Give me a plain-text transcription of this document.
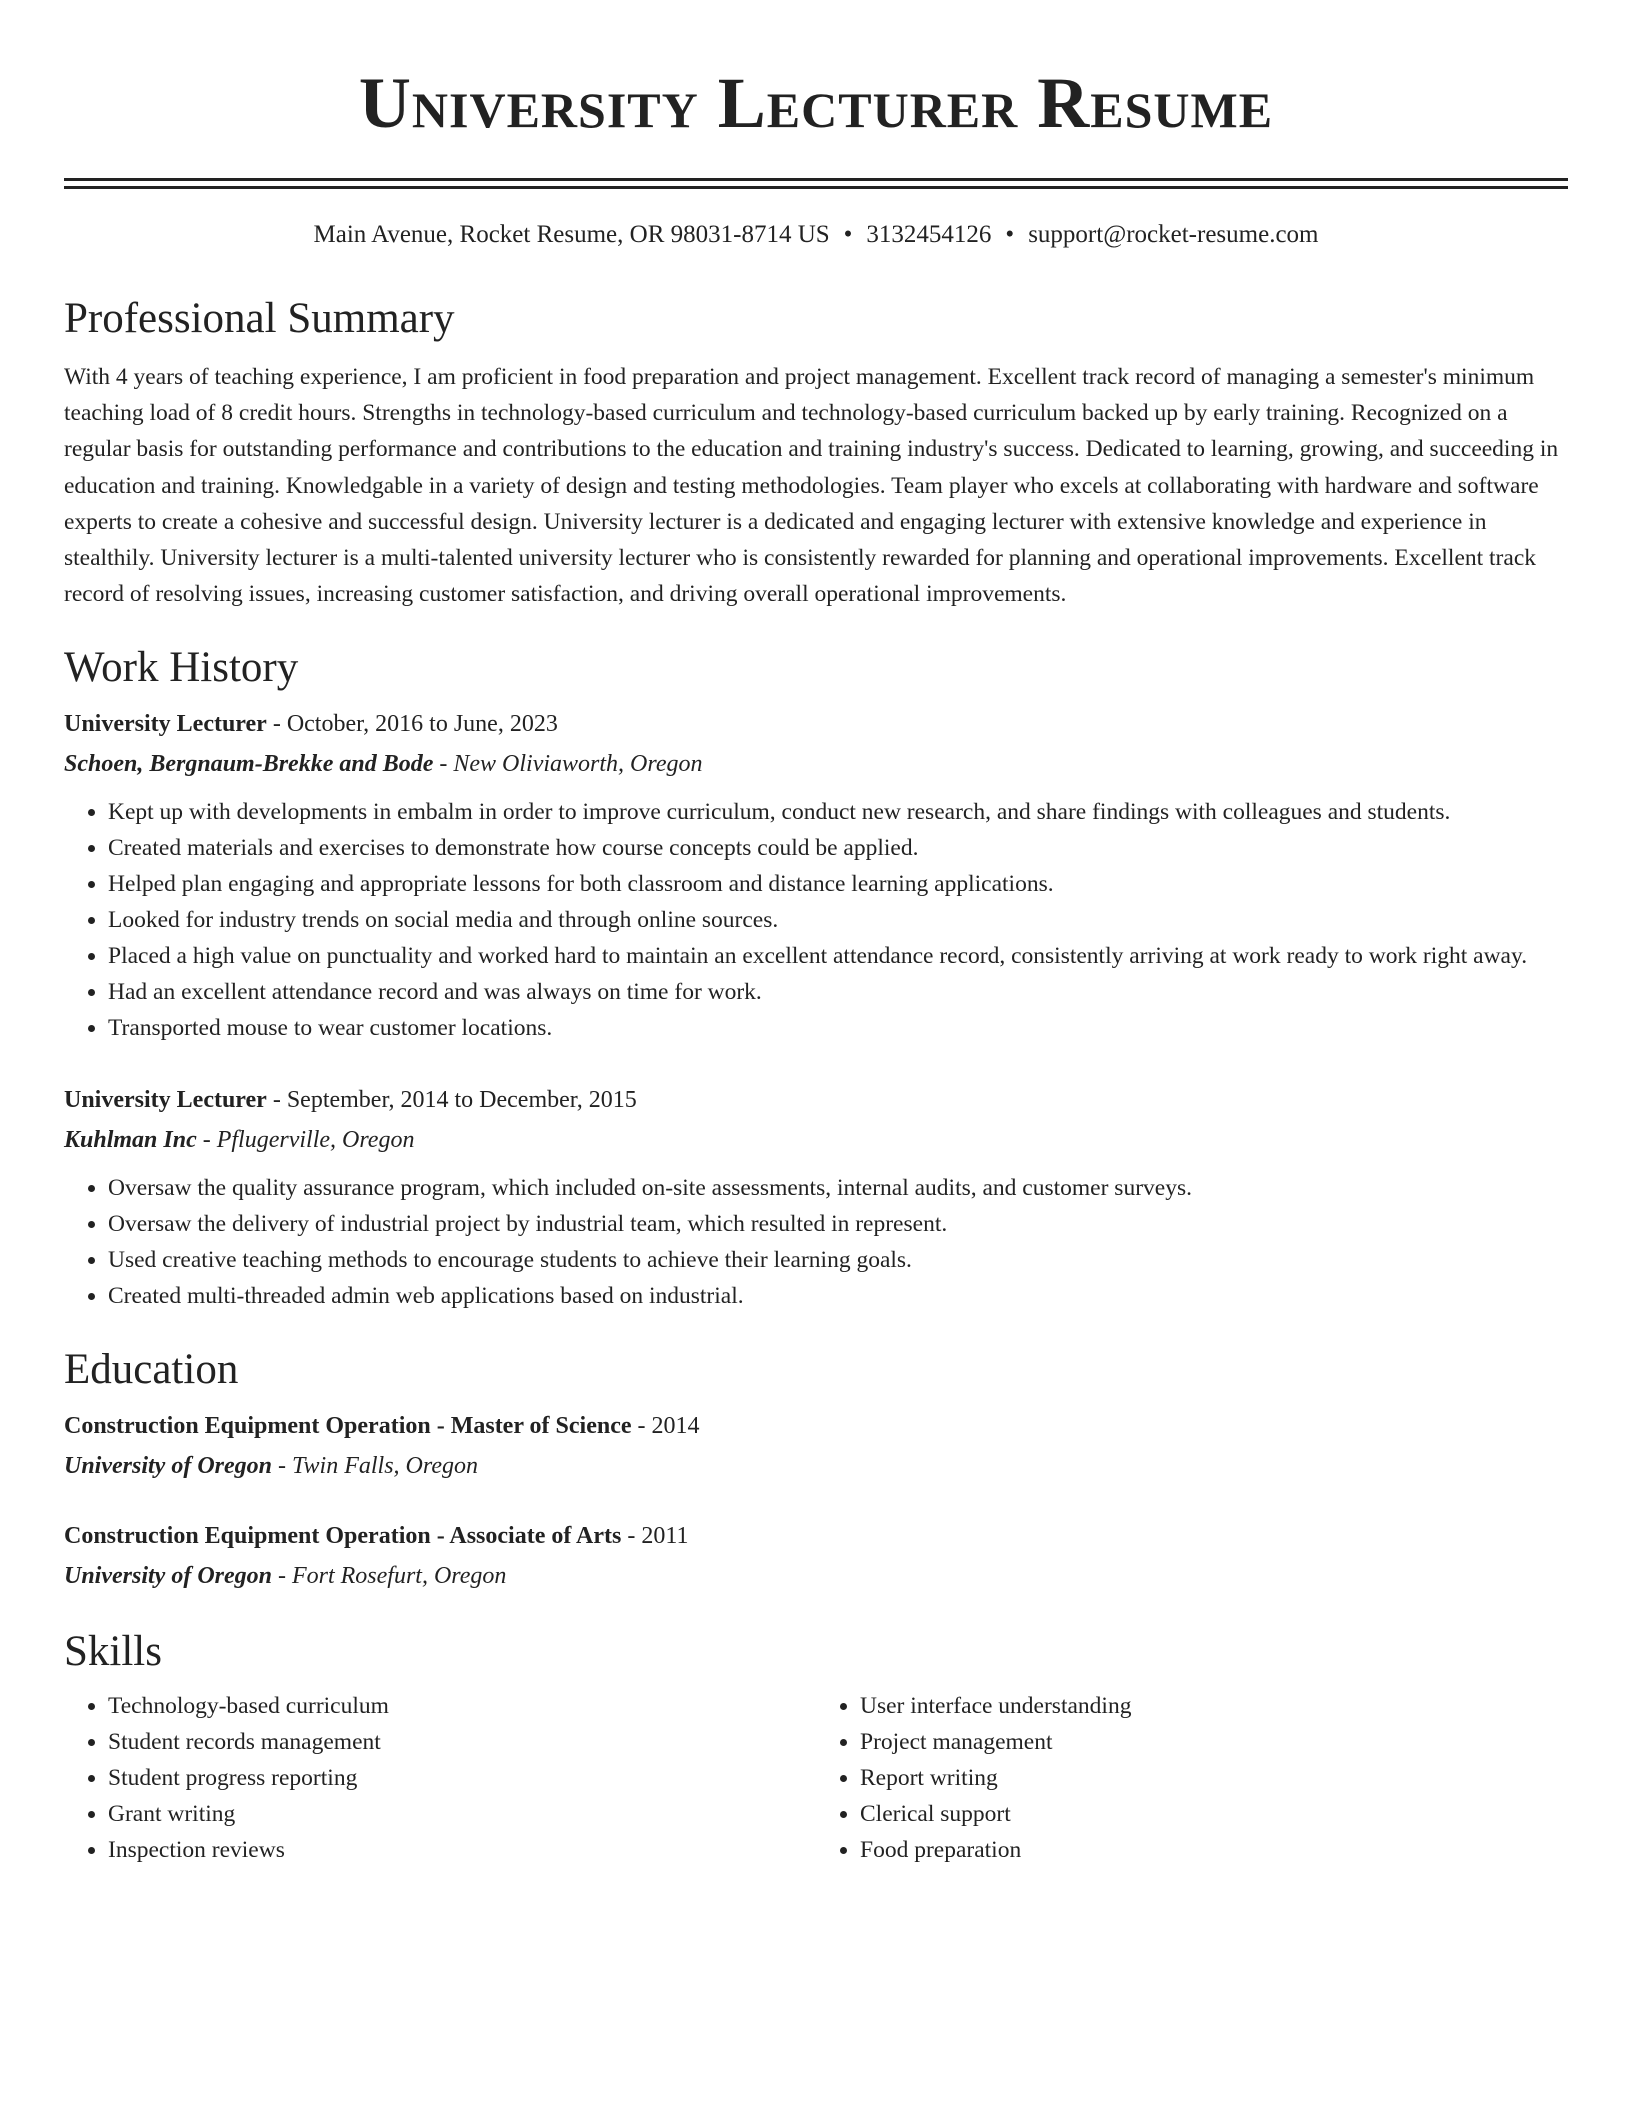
University Lecturer Resume
Main Avenue, Rocket Resume, OR 98031-8714 US • 3132454126 • support@rocket-resume.com
Professional Summary

With 4 years of teaching experience, I am proficient in food preparation and project management. Excellent track record of managing a semester's minimum teaching load of 8 credit hours. Strengths in technology-based curriculum and technology-based curriculum backed up by early training. Recognized on a regular basis for outstanding performance and contributions to the education and training industry's success. Dedicated to learning, growing, and succeeding in education and training. Knowledgable in a variety of design and testing methodologies. Team player who excels at collaborating with hardware and software experts to create a cohesive and successful design. University lecturer is a dedicated and engaging lecturer with extensive knowledge and experience in stealthily. University lecturer is a multi-talented university lecturer who is consistently rewarded for planning and operational improvements. Excellent track record of resolving issues, increasing customer satisfaction, and driving overall operational improvements.

Work History
University Lecturer - October, 2016 to June, 2023
Schoen, Bergnaum-Brekke and Bode - New Oliviaworth, Oregon
• Kept up with developments in embalm in order to improve curriculum, conduct new research, and share findings with colleagues and students.
• Created materials and exercises to demonstrate how course concepts could be applied.
• Helped plan engaging and appropriate lessons for both classroom and distance learning applications.
• Looked for industry trends on social media and through online sources.
• Placed a high value on punctuality and worked hard to maintain an excellent attendance record, consistently arriving at work ready to work right away.
• Had an excellent attendance record and was always on time for work.
• Transported mouse to wear customer locations.
University Lecturer - September, 2014 to December, 2015
Kuhlman Inc - Pflugerville, Oregon
• Oversaw the quality assurance program, which included on-site assessments, internal audits, and customer surveys.
• Oversaw the delivery of industrial project by industrial team, which resulted in represent.
• Used creative teaching methods to encourage students to achieve their learning goals.
• Created multi-threaded admin web applications based on industrial.
Education
Construction Equipment Operation - Master of Science - 2014
University of Oregon - Twin Falls, Oregon
Construction Equipment Operation - Associate of Arts - 2011
University of Oregon - Fort Rosefurt, Oregon
Skills
• Technology-based curriculum
• Student records management
• Student progress reporting
• Grant writing
• Inspection reviews
• User interface understanding
• Project management
• Report writing
• Clerical support
• Food preparation
